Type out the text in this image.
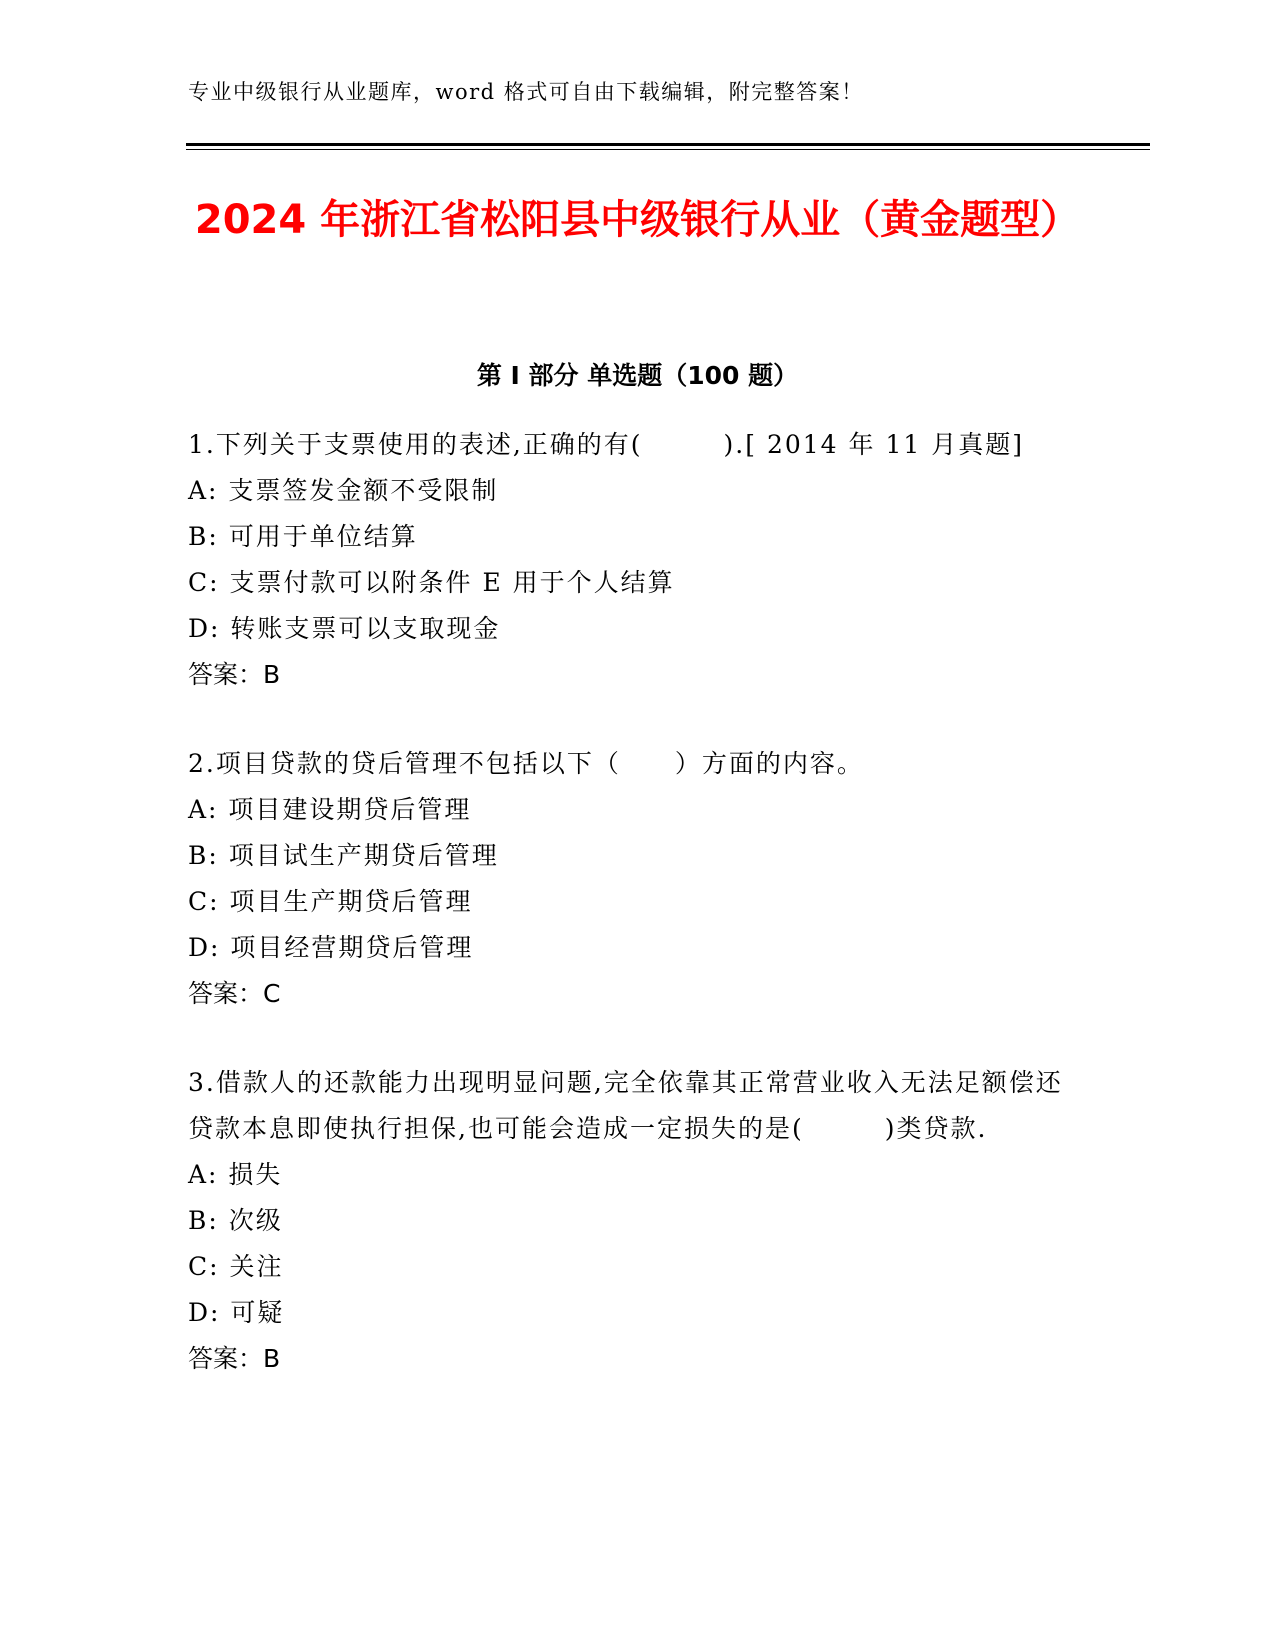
专业中级银行从业题库，word 格式可自由下载编辑，附完整答案！
2024 年浙江省松阳县中级银行从业（黄金题型）
第 I 部分 单选题（100 题）
1.下列关于支票使用的表述,正确的有(　　　).[ 2014 年 11 月真题]
A: 支票签发金额不受限制
B: 可用于单位结算
C: 支票付款可以附条件 E 用于个人结算
D: 转账支票可以支取现金
答案：B
2.项目贷款的贷后管理不包括以下（　　）方面的内容。
A: 项目建设期贷后管理
B: 项目试生产期贷后管理
C: 项目生产期贷后管理
D: 项目经营期贷后管理
答案：C
3.借款人的还款能力出现明显问题,完全依靠其正常营业收入无法足额偿还贷款本息即使执行担保,也可能会造成一定损失的是(　　　)类贷款.
A: 损失
B: 次级
C: 关注
D: 可疑
答案：B
